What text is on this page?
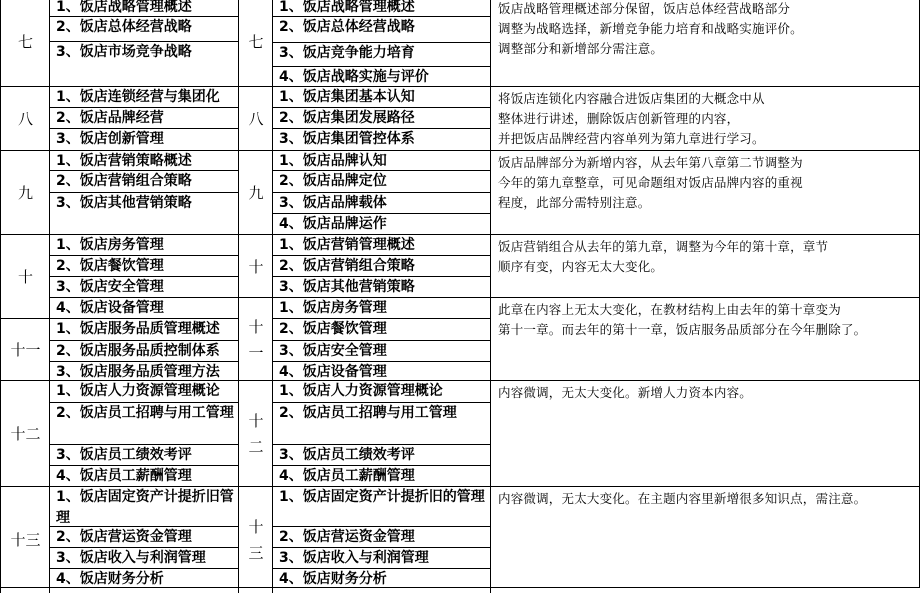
七
1、饭店战略管理概述
2、饭店总体经营战略
3、饭店市场竞争战略
七
1、饭店战略管理概述
2、饭店总体经营战略
3、饭店竞争能力培育
4、饭店战略实施与评价
饭店战略管理概述部分保留，饭店总体经营战略部分
调整为战略选择，新增竞争能力培育和战略实施评价。
调整部分和新增部分需注意。
八
1、饭店连锁经营与集团化
2、饭店品牌经营
3、饭店创新管理
八
1、饭店集团基本认知
2、饭店集团发展路径
3、饭店集团管控体系
将饭店连锁化内容融合进饭店集团的大概念中从
整体进行讲述，删除饭店创新管理的内容，
并把饭店品牌经营内容单列为第九章进行学习。
九
1、饭店营销策略概述
2、饭店营销组合策略
3、饭店其他营销策略
九
1、饭店品牌认知
2、饭店品牌定位
3、饭店品牌载体
4、饭店品牌运作
饭店品牌部分为新增内容，从去年第八章第二节调整为
今年的第九章整章，可见命题组对饭店品牌内容的重视
程度，此部分需特别注意。
十
1、饭店房务管理
2、饭店餐饮管理
3、饭店安全管理
4、饭店设备管理
十
1、饭店营销管理概述
2、饭店营销组合策略
3、饭店其他营销策略
饭店营销组合从去年的第九章，调整为今年的第十章，章节
顺序有变，内容无太大变化。
十一
1、饭店服务品质管理概述
2、饭店服务品质控制体系
3、饭店服务品质管理方法
十
一
1、饭店房务管理
2、饭店餐饮管理
3、饭店安全管理
4、饭店设备管理
此章在内容上无太大变化，在教材结构上由去年的第十章变为
第十一章。而去年的第十一章，饭店服务品质部分在今年删除了。
十二
1、饭店人力资源管理概论
2、饭店员工招聘与用工管理
3、饭店员工绩效考评
4、饭店员工薪酬管理
十
二
1、饭店人力资源管理概论
2、饭店员工招聘与用工管理
3、饭店员工绩效考评
4、饭店员工薪酬管理
内容微调，无太大变化。新增人力资本内容。
十三
1、饭店固定资产计提折旧管理
2、饭店营运资金管理
3、饭店收入与利润管理
4、饭店财务分析
十
三
1、饭店固定资产计提折旧的管理
2、饭店营运资金管理
3、饭店收入与利润管理
4、饭店财务分析
内容微调，无太大变化。在主题内容里新增很多知识点，需注意。
